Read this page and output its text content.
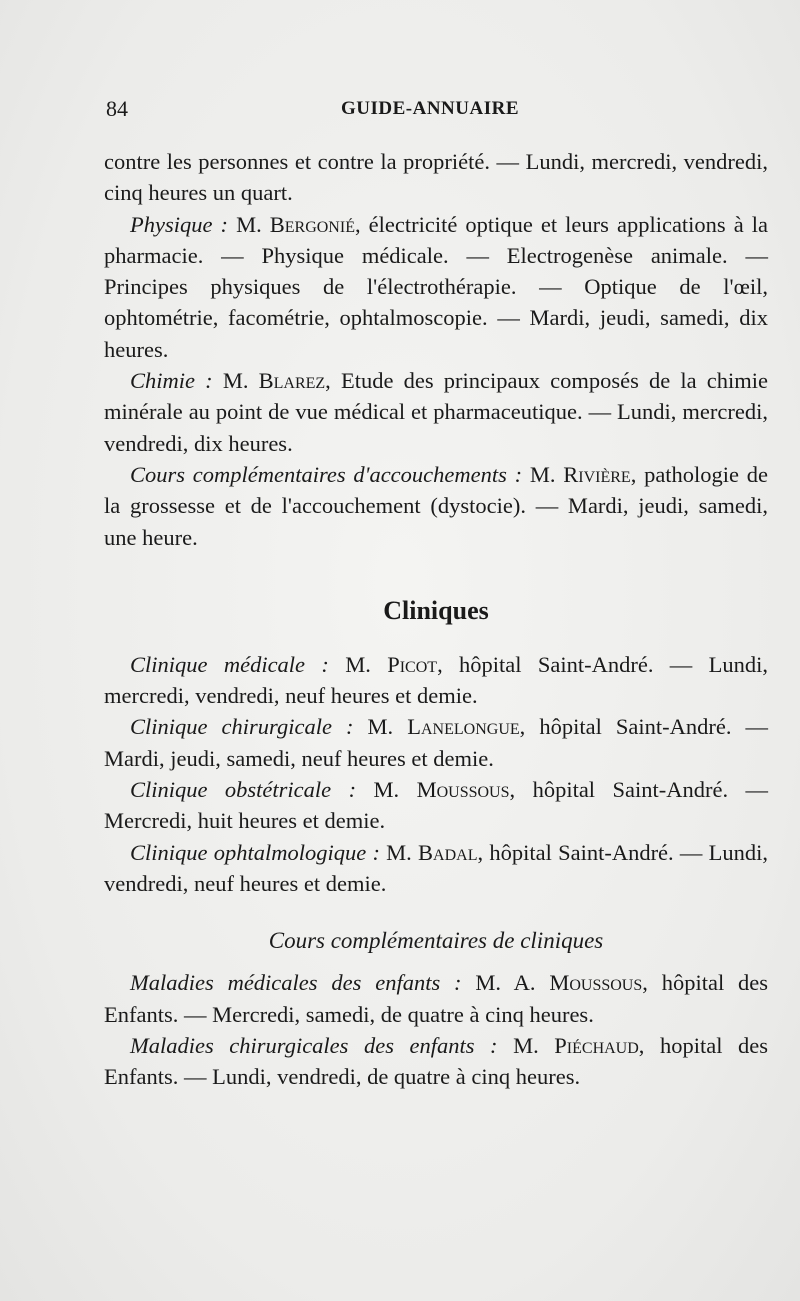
84	GUIDE-ANNUAIRE

contre les personnes et contre la propriété. — Lundi, mercredi, vendredi, cinq heures un quart.

Physique : M. Bergonié, électricité optique et leurs applications à la pharmacie. — Physique médicale. — Electrogenèse animale. — Principes physiques de l'électrothérapie. — Optique de l'œil, ophtométrie, facométrie, ophtalmoscopie. — Mardi, jeudi, samedi, dix heures.

Chimie : M. Blarez, Etude des principaux composés de la chimie minérale au point de vue médical et pharmaceutique. — Lundi, mercredi, vendredi, dix heures.

Cours complémentaires d'accouchements : M. Rivière, pathologie de la grossesse et de l'accouchement (dystocie). — Mardi, jeudi, samedi, une heure.

Cliniques

Clinique médicale : M. Picot, hôpital Saint-André. — Lundi, mercredi, vendredi, neuf heures et demie.

Clinique chirurgicale : M. Lanelongue, hôpital Saint-André. — Mardi, jeudi, samedi, neuf heures et demie.

Clinique obstétricale : M. Moussous, hôpital Saint-André. — Mercredi, huit heures et demie.

Clinique ophtalmologique : M. Badal, hôpital Saint-André. — Lundi, vendredi, neuf heures et demie.

Cours complémentaires de cliniques

Maladies médicales des enfants : M. A. Moussous, hôpital des Enfants. — Mercredi, samedi, de quatre à cinq heures.

Maladies chirurgicales des enfants : M. Piéchaud, hopital des Enfants. — Lundi, vendredi, de quatre à cinq heures.
